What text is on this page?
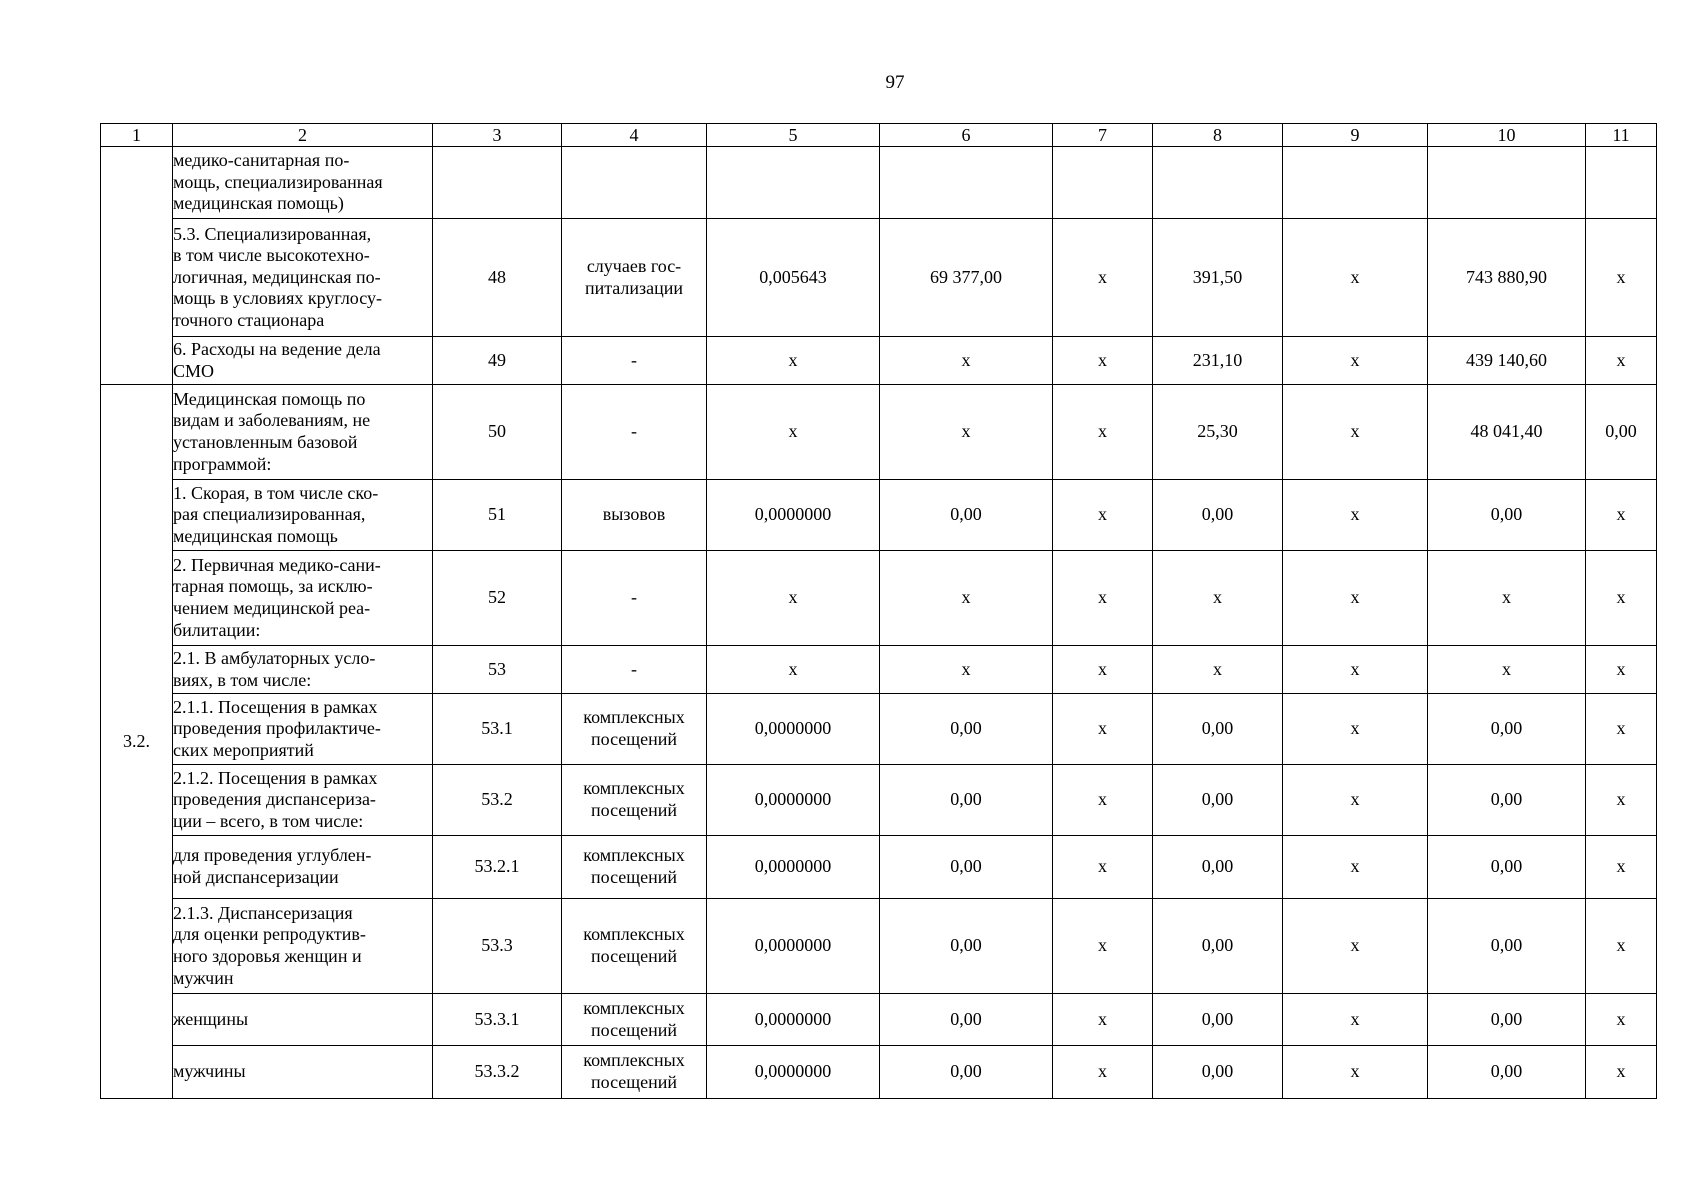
97
1	2	3	4	5	6	7	8	9	10	11
	медико-санитарная по-
мощь, специализированная
медицинская помощь)									
	5.3. Специализированная,
в том числе высокотехно-
логичная, медицинская по-
мощь в условиях круглосу-
точного стационара	48	случаев гос-
питализации	0,005643	69 377,00	х	391,50	х	743 880,90	х
	6. Расходы на ведение дела
СМО	49	-	х	х	х	231,10	х	439 140,60	х
3.2.	Медицинская помощь по
видам и заболеваниям, не
установленным базовой
программой:	50	-	х	х	х	25,30	х	48 041,40	0,00
	1. Скорая, в том числе ско-
рая специализированная,
медицинская помощь	51	вызовов	0,0000000	0,00	х	0,00	х	0,00	х
	2. Первичная медико-сани-
тарная помощь, за исклю-
чением медицинской реа-
билитации:	52	-	х	х	х	х	х	х	х
	2.1. В амбулаторных усло-
виях, в том числе:	53	-	х	х	х	х	х	х	х
	2.1.1. Посещения в рамках
проведения профилактиче-
ских мероприятий	53.1	комплексных
посещений	0,0000000	0,00	х	0,00	х	0,00	х
	2.1.2. Посещения в рамках
проведения диспансериза-
ции – всего, в том числе:	53.2	комплексных
посещений	0,0000000	0,00	х	0,00	х	0,00	х
	для проведения углублен-
ной диспансеризации	53.2.1	комплексных
посещений	0,0000000	0,00	х	0,00	х	0,00	х
	2.1.3. Диспансеризация
для оценки репродуктив-
ного здоровья женщин и
мужчин	53.3	комплексных
посещений	0,0000000	0,00	х	0,00	х	0,00	х
	женщины	53.3.1	комплексных
посещений	0,0000000	0,00	х	0,00	х	0,00	х
	мужчины	53.3.2	комплексных
посещений	0,0000000	0,00	х	0,00	х	0,00	х
